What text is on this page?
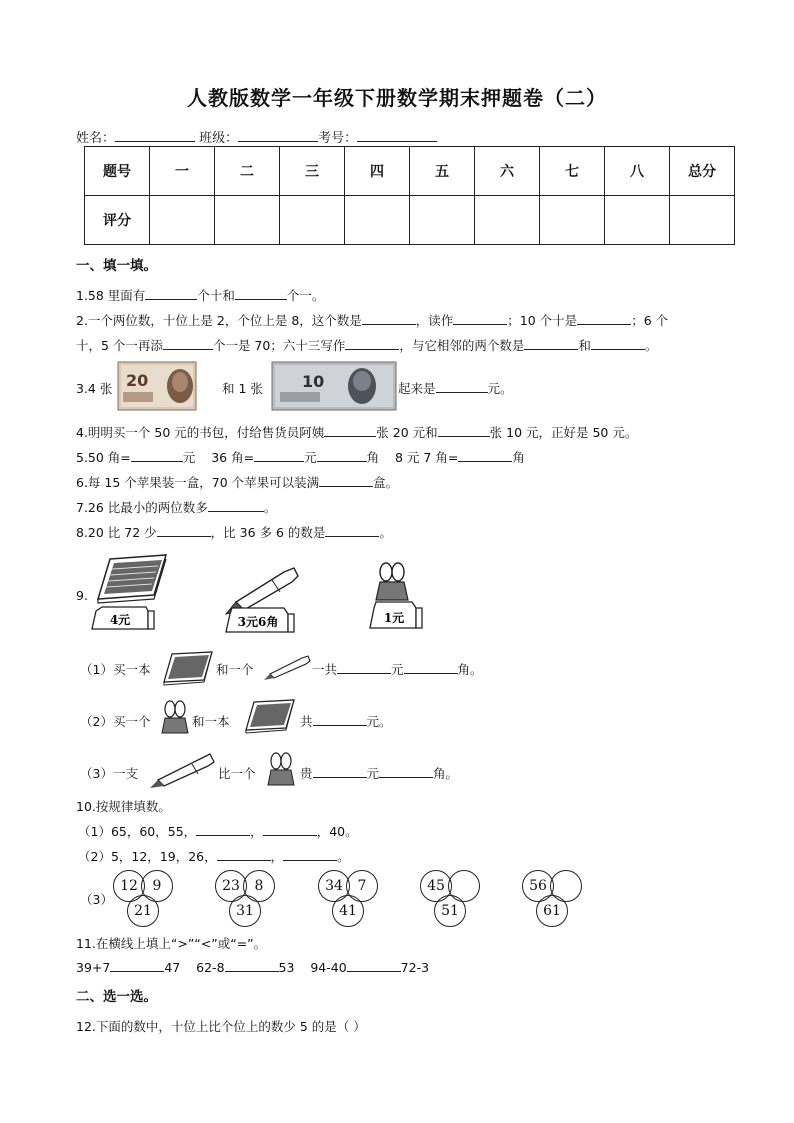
人教版数学一年级下册数学期末押题卷（二）
姓名：	班级：	考号：
题号	一	二	三	四	五	六	七	八	总分
评分									
一、填一填。
1.58 里面有	个十和	个一。
2.一个两位数，十位上是 2，个位上是 8，这个数是	，读作	；10 个十是	；6 个
十，5 个一再添	个一是 70；六十三写作	，与它相邻的两个数是	和	。
3.4 张 20	和 1 张 10	起来是	元。
4.明明买一个 50 元的书包，付给售货员阿姨	张 20 元和	张 10 元，正好是 50 元。
5.50 角=	元 36 角=	元	角 8 元 7 角=	角
6.每 15 个苹果装一盒，70 个苹果可以装满	盒。
7.26 比最小的两位数多	。
8.20 比 72 少	，比 36 多 6 的数是	。
9.
4元	3元6角	1元
（1）买一本	和一个	一共	元	角。
（2）买一个	和一本	共	元。
（3）一支	比一个	贵	元	角。
10.按规律填数。
（1）65，60，55，	，	，40。
（2）5，12，19，26，	，	。
（3）
12	9
21
23	8
31
34	7
41
45
51
56
61
11.在横线上填上“>”“<”或“=”。
39+7	47 62-8	53 94-40	72-3
二、选一选。
12.下面的数中，十位上比个位上的数少 5 的是（ ）
